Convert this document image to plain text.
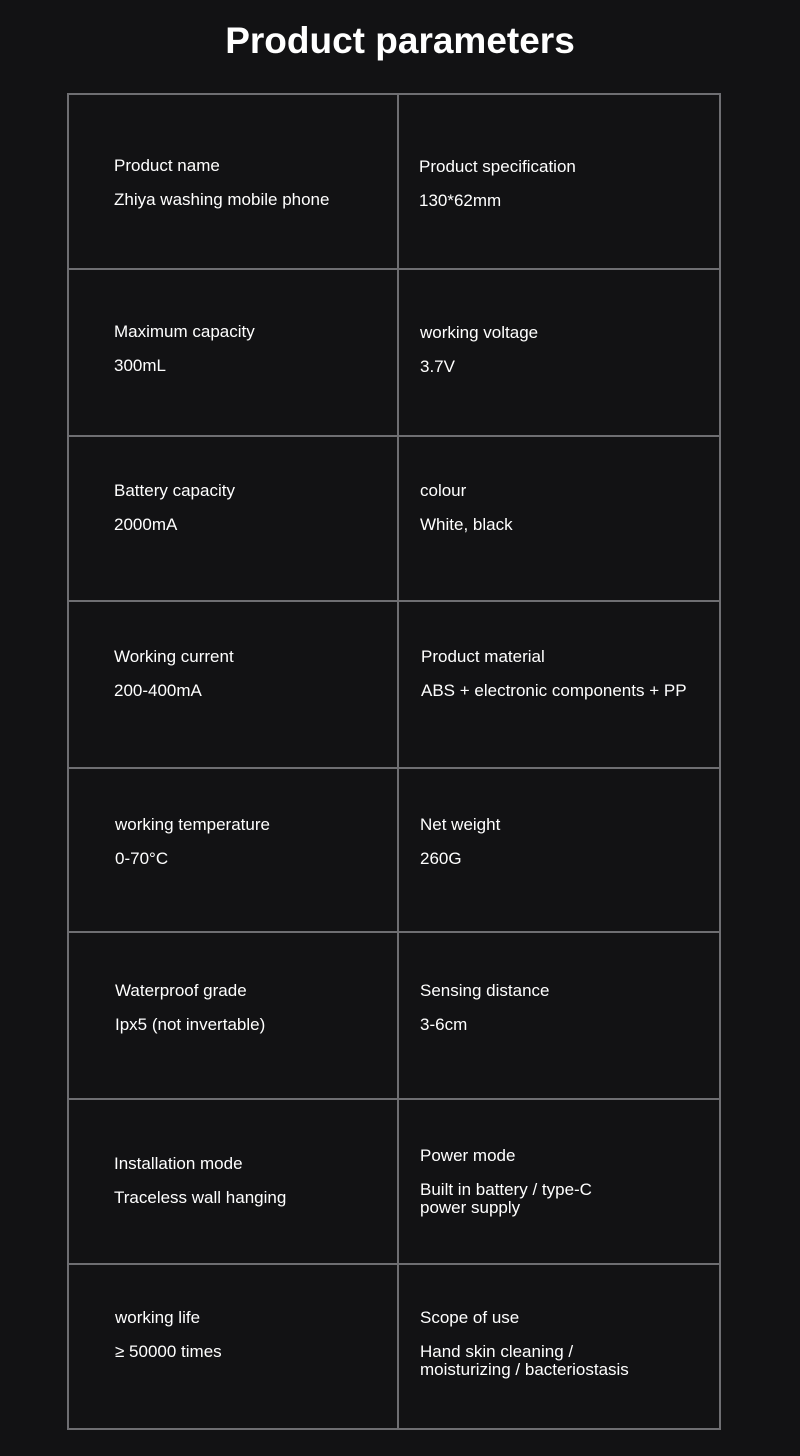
Product parameters
Product name
Zhiya washing mobile phone
Product specification
130*62mm
Maximum capacity
300mL
working voltage
3.7V
Battery capacity
2000mA
colour
White, black
Working current
200-400mA
Product material
ABS + electronic components + PP
working temperature
0-70°C
Net weight
260G
Waterproof grade
Ipx5 (not invertable)
Sensing distance
3-6cm
Installation mode
Traceless wall hanging
Power mode
Built in battery / type-C
power supply
working life
≥ 50000 times
Scope of use
Hand skin cleaning /
moisturizing / bacteriostasis
